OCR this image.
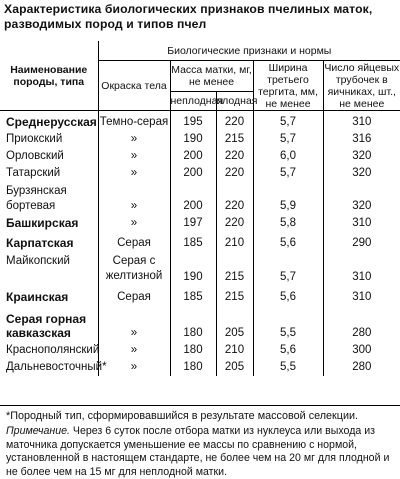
Характеристика биологических признаков пчелиных маток, разводимых пород и типов пчел
Наименование породы, типа	Биологические признаки и нормы				
	Окраска тела	Масса матки, мг, не менее		Ширина третьего тергита, мм, не менее	Число яйцевых трубочек в яичниках, шт., не менее
		неплодная	плодная		
Среднерусская	Темно-серая	195	220	5,7	310
Приокский	»	190	215	5,7	316
Орловский	»	200	220	6,0	320
Татарский	»	200	220	5,7	320
Бурзянская бортевая	»	200	220	5,9	320
Башкирская	»	197	220	5,8	310
Карпатская	Серая	185	210	5,6	290
Майкопский	Серая с желтизной	190	215	5,7	310
Краинская	Серая	185	215	5,6	310
Серая горная кавказская	»	180	205	5,5	280
Краснополянский	»	180	210	5,6	300
Дальневосточный*	»	180	205	5,5	280
*Породный тип, сформировавшийся в результате массовой селекции.
Примечание. Через 6 суток после отбора матки из нуклеуса или выхода из маточника допускается уменьшение ее массы по сравнению с нормой, установленной в настоящем стандарте, не более чем на 20 мг для плодной и не более чем на 15 мг для неплодной матки.
